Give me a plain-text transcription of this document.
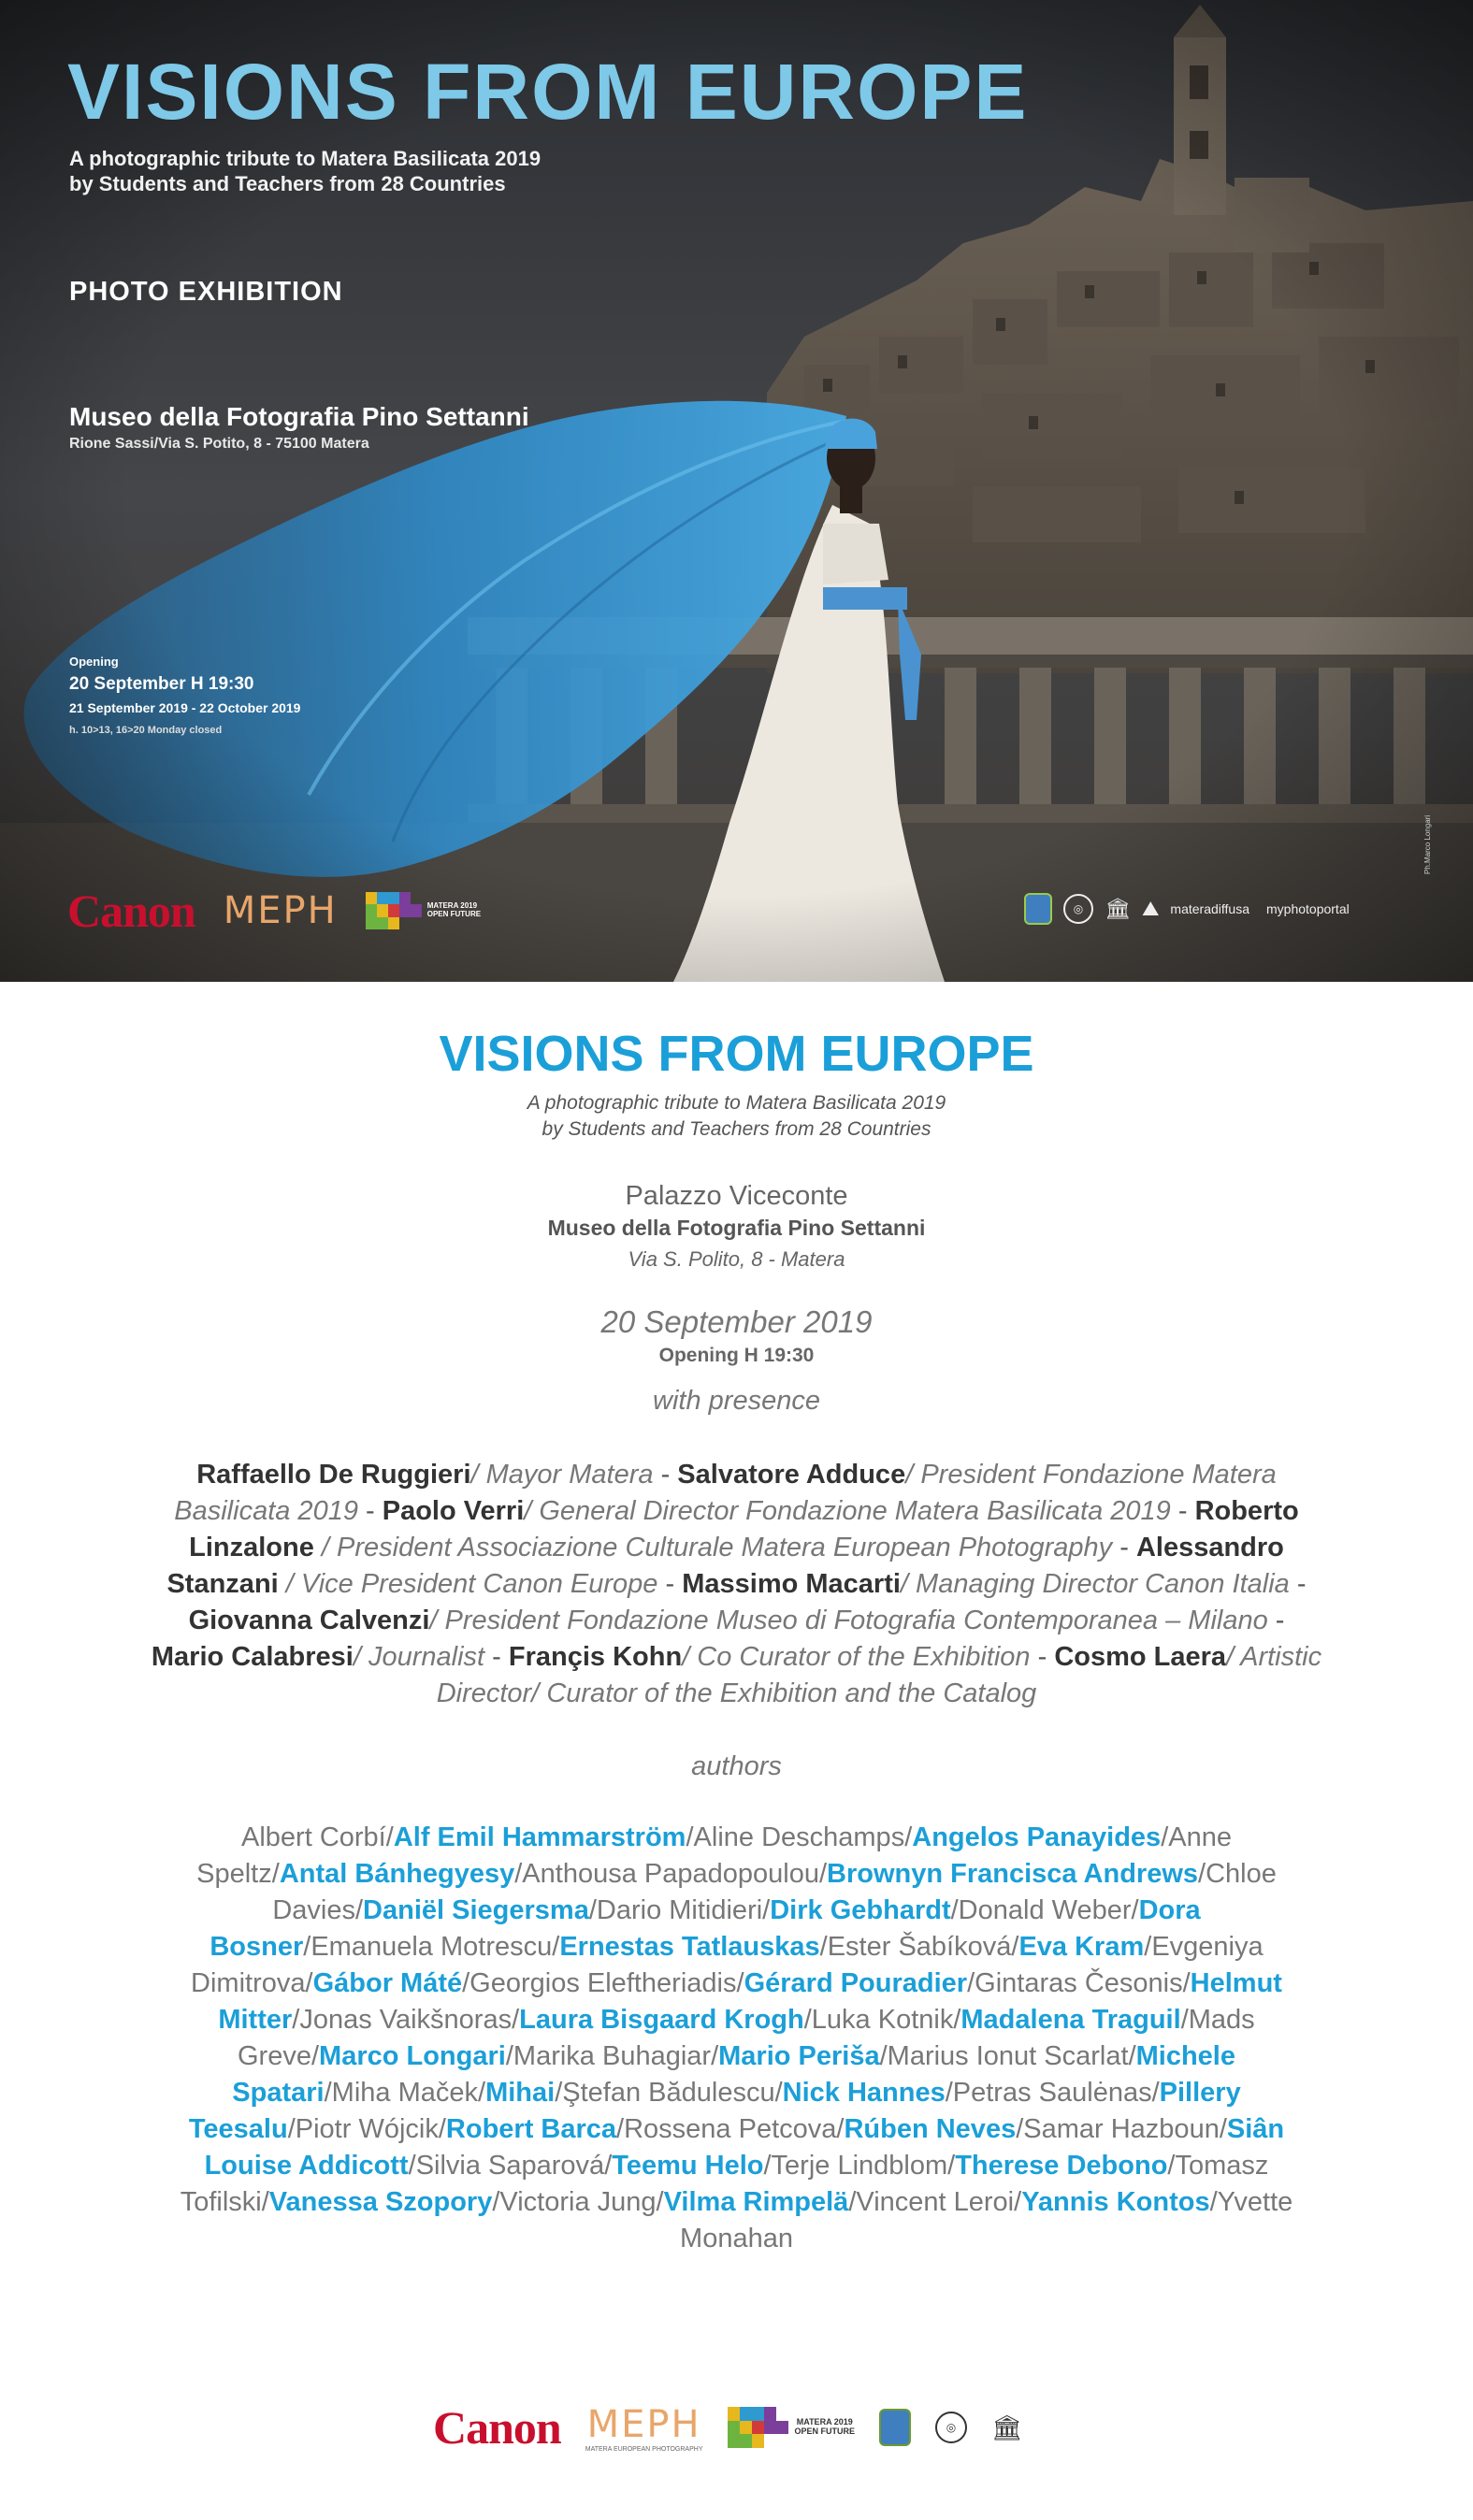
VISIONS FROM EUROPE
A photographic tribute to Matera Basilicata 2019
by Students and Teachers from 28 Countries
PHOTO EXHIBITION
Museo della Fotografia Pino Settanni
Rione Sassi/Via S. Potito, 8 - 75100 Matera
Opening
20 September H 19:30
21 September 2019 - 22 October 2019
h. 10>13, 16>20 Monday closed
Ph.Marco Longari
Canon MEPH	MATERA 2019
OPEN FUTURE	◎	🏛 ⛰ materadiffusa myphotoportal
VISIONS FROM EUROPE
A photographic tribute to Matera Basilicata 2019
by Students and Teachers from 28 Countries
Palazzo Viceconte
Museo della Fotografia Pino Settanni
Via S. Polito, 8 - Matera
20 September 2019
Opening H 19:30
with presence
Raffaello De Ruggieri/ Mayor Matera - Salvatore Adduce/ President Fondazione Matera Basilicata 2019 - Paolo Verri/ General Director Fondazione Matera Basilicata 2019 - Roberto Linzalone / President Associazione Culturale Matera European Photography - Alessandro Stanzani / Vice President Canon Europe - Massimo Macarti/ Managing Director Canon Italia - Giovanna Calvenzi/ President Fondazione Museo di Fotografia Contemporanea – Milano - Mario Calabresi/ Journalist - Françis Kohn/ Co Curator of the Exhibition - Cosmo Laera/ Artistic Director/ Curator of the Exhibition and the Catalog
authors
Albert Corbí/Alf Emil Hammarström/Aline Deschamps/Angelos Panayides/Anne Speltz/Antal Bánhegyesy/Anthousa Papadopoulou/Brownyn Francisca Andrews/Chloe Davies/Daniël Siegersma/Dario Mitidieri/Dirk Gebhardt/Donald Weber/Dora Bosner/Emanuela Motrescu/Ernestas Tatlauskas/Ester Šabíková/Eva Kram/Evgeniya Dimitrova/Gábor Máté/Georgios Eleftheriadis/Gérard Pouradier/Gintaras Česonis/Helmut Mitter/Jonas Vaikšnoras/Laura Bisgaard Krogh/Luka Kotnik/Madalena Traguil/Mads Greve/Marco Longari/Marika Buhagiar/Mario Periša/Marius Ionut Scarlat/Michele Spatari/Miha Maček/Mihai/Ştefan Bădulescu/Nick Hannes/Petras Saulėnas/Pillery Teesalu/Piotr Wójcik/Robert Barca/Rossena Petcova/Rúben Neves/Samar Hazboun/Siân Louise Addicott/Silvia Saparová/Teemu Helo/Terje Lindblom/Therese Debono/Tomasz Tofilski/Vanessa Szopory/Victoria Jung/Vilma Rimpelä/Vincent Leroi/Yannis Kontos/Yvette Monahan
Canon MEPH
MATERA EUROPEAN PHOTOGRAPHY
MATERA 2019
OPEN FUTURE	◎	🏛
